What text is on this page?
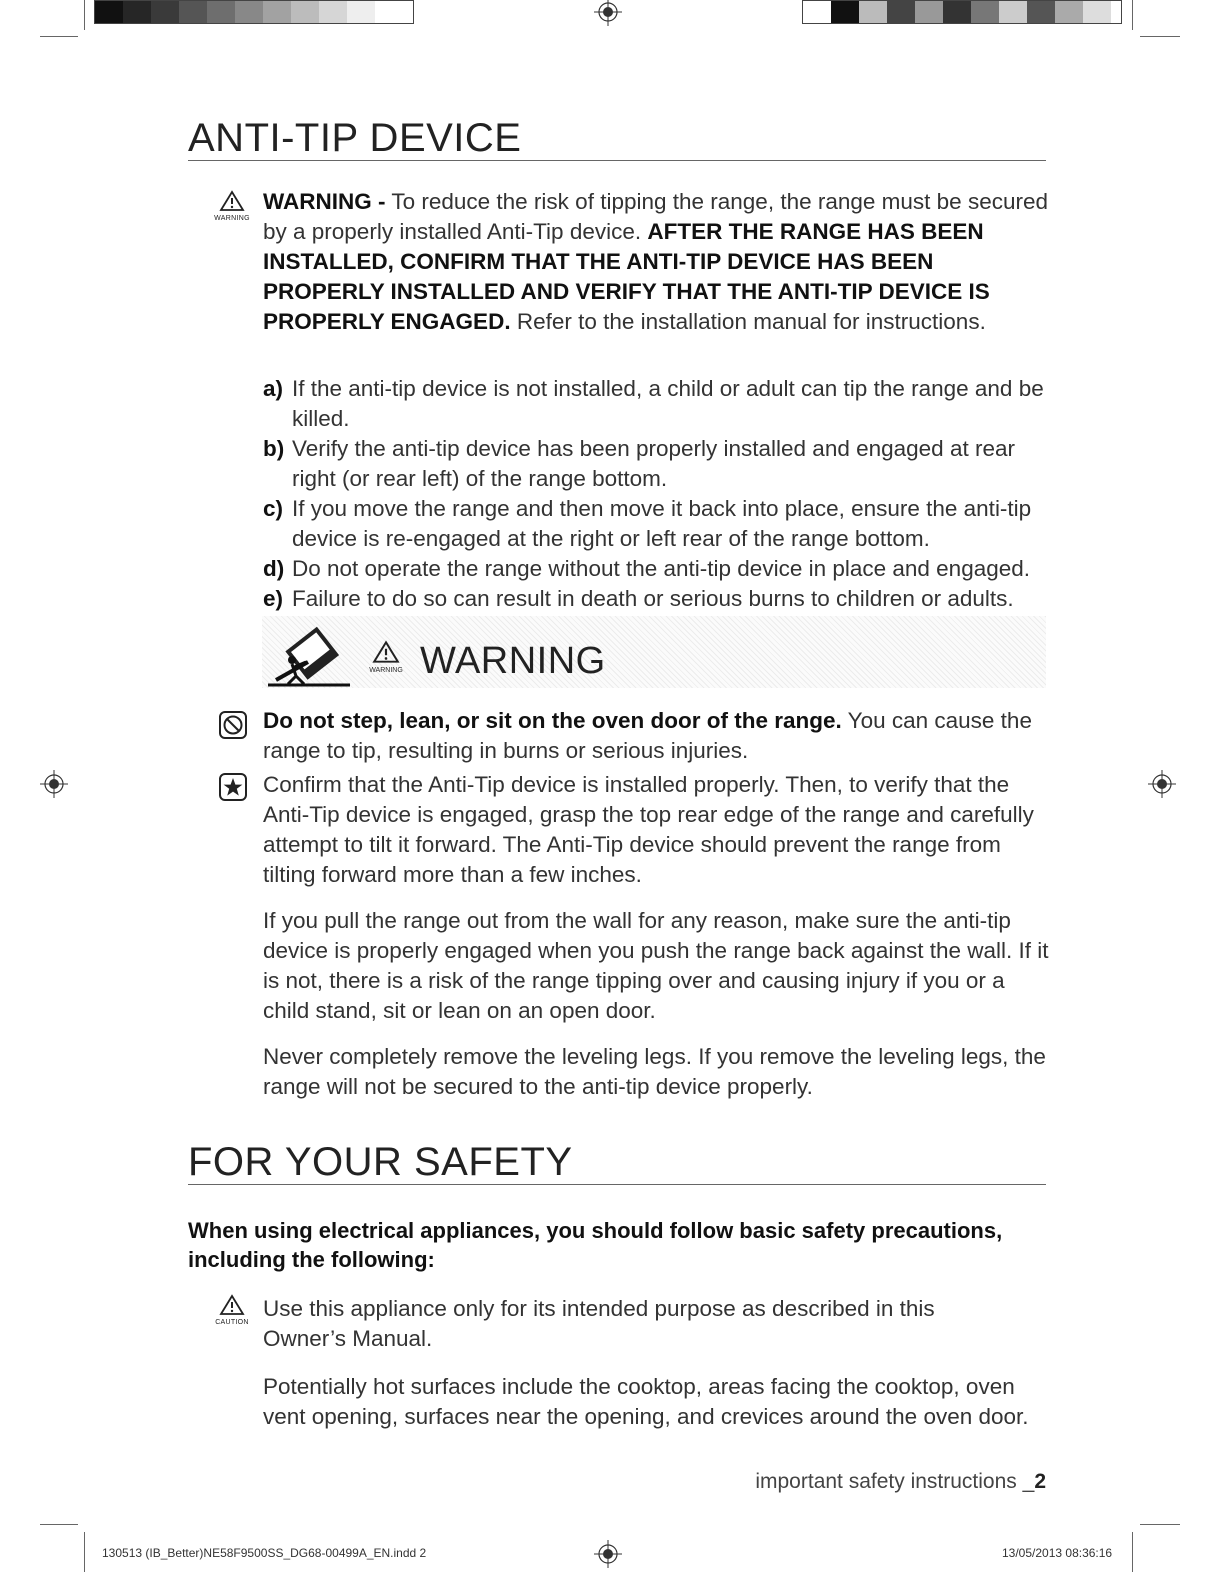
ANTI-TIP DEVICE
WARNING
WARNING - To reduce the risk of tipping the range, the range must be secured by a properly installed Anti-Tip device. AFTER THE RANGE HAS BEEN INSTALLED, CONFIRM THAT THE ANTI-TIP DEVICE HAS BEEN PROPERLY INSTALLED AND VERIFY THAT THE ANTI-TIP DEVICE IS PROPERLY ENGAGED. Refer to the installation manual for instructions.
a) If the anti-tip device is not installed, a child or adult can tip the range and be killed.
b) Verify the anti-tip device has been properly installed and engaged at rear right (or rear left) of the range bottom.
c) If you move the range and then move it back into place, ensure the anti-tip device is re-engaged at the right or left rear of the range bottom.
d) Do not operate the range without the anti-tip device in place and engaged.
e) Failure to do so can result in death or serious burns to children or adults.
WARNING WARNING
Do not step, lean, or sit on the oven door of the range. You can cause the range to tip, resulting in burns or serious injuries.
Confirm that the Anti-Tip device is installed properly. Then, to verify that the Anti-Tip device is engaged, grasp the top rear edge of the range and carefully attempt to tilt it forward. The Anti-Tip device should prevent the range from tilting forward more than a few inches.
If you pull the range out from the wall for any reason, make sure the anti-tip device is properly engaged when you push the range back against the wall. If it is not, there is a risk of the range tipping over and causing injury if you or a child stand, sit or lean on an open door.
Never completely remove the leveling legs. If you remove the leveling legs, the range will not be secured to the anti-tip device properly.
FOR YOUR SAFETY
When using electrical appliances, you should follow basic safety precautions, including the following:
CAUTION
Use this appliance only for its intended purpose as described in this Owner’s Manual.
Potentially hot surfaces include the cooktop, areas facing the cooktop, oven vent opening, surfaces near the opening, and crevices around the oven door.
important safety instructions _2
130513 (IB_Better)NE58F9500SS_DG68-00499A_EN.indd 2	13/05/2013 08:36:16
